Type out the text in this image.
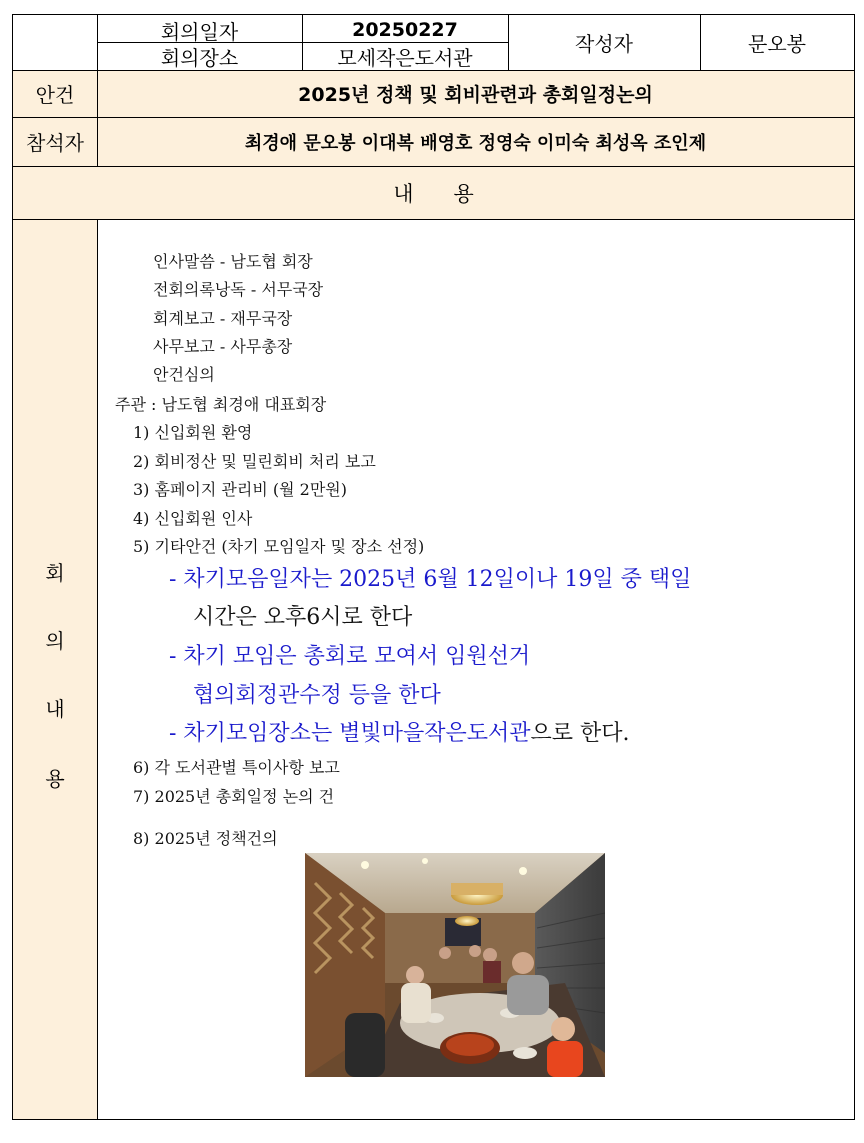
회의일자	20250227
회의장소	모세작은도서관
작성자	문오봉
안건	2025년 정책 및 회비관련과 총회일정논의
참석자	최경애 문오봉 이대복 배영호 정영숙 이미숙 최성옥 조인제
내      용
회
의
내
용
인사말씀 - 남도협 회장
전회의록낭독 - 서무국장
회계보고 - 재무국장
사무보고 - 사무총장
안건심의
주관 : 남도협 최경애 대표회장
1) 신입회원 환영
2) 회비정산 및 밀린회비 처리 보고
3) 홈페이지 관리비 (월 2만원)
4) 신입회원 인사
5) 기타안건 (차기 모임일자 및 장소 선정)
- 차기모음일자는 2025년 6월 12일이나 19일 중 택일
시간은 오후6시로 한다
- 차기 모임은 총회로 모여서 임원선거
협의회정관수정 등을 한다
- 차기모임장소는 별빛마을작은도서관으로 한다.
6) 각 도서관별 특이사항 보고
7) 2025년 총회일정 논의 건
8) 2025년 정책건의
